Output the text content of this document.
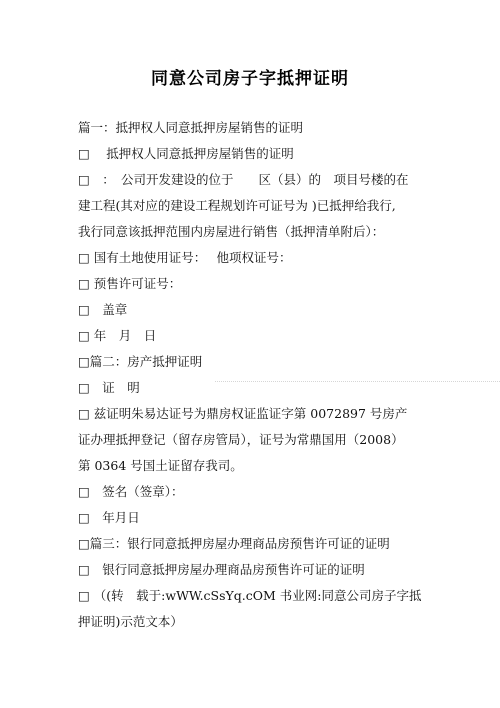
同意公司房子字抵押证明
篇一：抵押权人同意抵押房屋销售的证明
□　 抵押权人同意抵押房屋销售的证明
□　：　公司开发建设的位于　　区（县）的　项目号楼的在
建工程(其对应的建设工程规划许可证号为 )已抵押给我行,
我行同意该抵押范围内房屋进行销售（抵押清单附后）：
□ 国有土地使用证号：　 他项权证号：
□ 预售许可证号：
□　盖章
□ 年　月　日
□篇二：房产抵押证明
□　证　明
□ 兹证明朱易达证号为鼎房权证监证字第 0072897 号房产
证办理抵押登记（留存房管局），证号为常鼎国用（2008）
第 0364 号国土证留存我司。
□　签名（签章）：
□　年月日
□篇三：银行同意抵押房屋办理商品房预售许可证的证明
□　银行同意抵押房屋办理商品房预售许可证的证明
□ （(转　载于:wWW.cSsYq.cOM 书业网:同意公司房子字抵
押证明)示范文本）
